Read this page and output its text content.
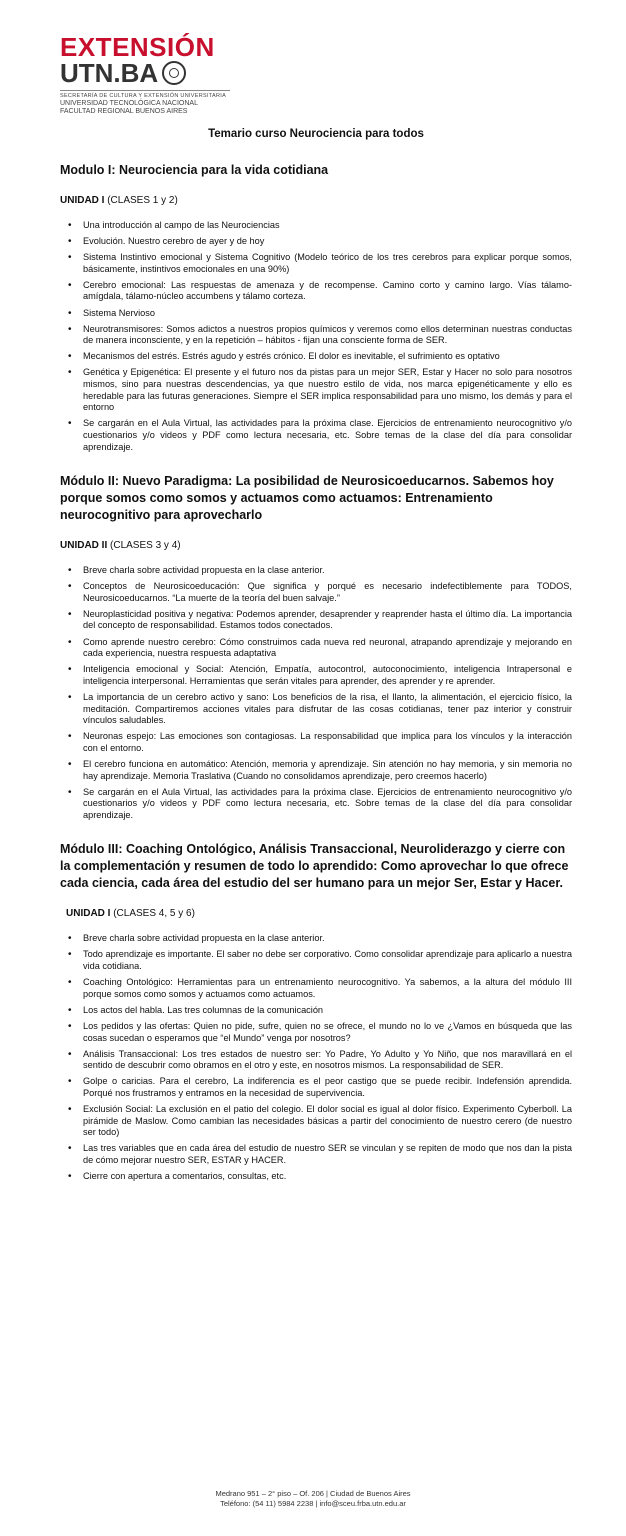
EXTENSIÓN
UTN.BA
SECRETARÍA DE CULTURA Y EXTENSIÓN UNIVERSITARIA
UNIVERSIDAD TECNOLÓGICA NACIONAL
FACULTAD REGIONAL BUENOS AIRES
Temario curso Neurociencia para todos
Modulo I: Neurociencia para la vida cotidiana
UNIDAD I (CLASES 1 y 2)
• Una introducción al campo de las Neurociencias
• Evolución. Nuestro cerebro de ayer y de hoy
• Sistema Instintivo emocional y Sistema Cognitivo (Modelo teórico de los tres cerebros para explicar porque somos, básicamente, instintivos emocionales en una 90%)
• Cerebro emocional: Las respuestas de amenaza y de recompense. Camino corto y camino largo. Vías tálamo-amígdala, tálamo-núcleo accumbens y tálamo corteza.
• Sistema Nervioso
• Neurotransmisores: Somos adictos a nuestros propios químicos y veremos como ellos determinan nuestras conductas de manera inconsciente, y en la repetición – hábitos - fijan una consciente forma de SER.
• Mecanismos del estrés. Estrés agudo y estrés crónico. El dolor es inevitable, el sufrimiento es optativo
• Genética y Epigenética: El presente y el futuro nos da pistas para un mejor SER, Estar y Hacer no solo para nosotros mismos, sino para nuestras descendencias, ya que nuestro estilo de vida, nos marca epigenéticamente y ello es heredable para las futuras generaciones. Siempre el SER implica responsabilidad para uno mismo, los demás y para el entorno
• Se cargarán en el Aula Virtual, las actividades para la próxima clase. Ejercicios de entrenamiento neurocognitivo y/o cuestionarios y/o videos y PDF como lectura necesaria, etc. Sobre temas de la clase del día para consolidar aprendizaje.
Módulo II: Nuevo Paradigma: La posibilidad de Neurosicoeducarnos. Sabemos hoy porque somos como somos y actuamos como actuamos: Entrenamiento neurocognitivo para aprovecharlo
UNIDAD II (CLASES 3 y 4)
• Breve charla sobre actividad propuesta en la clase anterior.
• Conceptos de Neurosicoeducación: Que significa y porqué es necesario indefectiblemente para TODOS, Neurosicoeducarnos. “La muerte de la teoría del buen salvaje.”
• Neuroplasticidad positiva y negativa: Podemos aprender, desaprender y reaprender hasta el último día. La importancia del concepto de responsabilidad. Estamos todos conectados.
• Como aprende nuestro cerebro: Cómo construimos cada nueva red neuronal, atrapando aprendizaje y mejorando en cada experiencia, nuestra respuesta adaptativa
• Inteligencia emocional y Social: Atención, Empatía, autocontrol, autoconocimiento, inteligencia Intrapersonal e inteligencia interpersonal. Herramientas que serán vitales para aprender, des aprender y re aprender.
• La importancia de un cerebro activo y sano: Los beneficios de la risa, el llanto, la alimentación, el ejercicio físico, la meditación. Compartiremos acciones vitales para disfrutar de las cosas cotidianas, tener paz interior y construir vínculos saludables.
• Neuronas espejo: Las emociones son contagiosas. La responsabilidad que implica para los vínculos y la interacción con el entorno.
• El cerebro funciona en automático: Atención, memoria y aprendizaje. Sin atención no hay memoria, y sin memoria no hay aprendizaje. Memoria Traslativa (Cuando no consolidamos aprendizaje, pero creemos hacerlo)
• Se cargarán en el Aula Virtual, las actividades para la próxima clase. Ejercicios de entrenamiento neurocognitivo y/o cuestionarios y/o videos y PDF como lectura necesaria, etc. Sobre temas de la clase del día para consolidar aprendizaje.
Módulo III: Coaching Ontológico, Análisis Transaccional, Neuroliderazgo y cierre con la complementación y resumen de todo lo aprendido: Como aprovechar lo que ofrece cada ciencia, cada área del estudio del ser humano para un mejor Ser, Estar y Hacer.
UNIDAD I (CLASES 4, 5 y 6)
• Breve charla sobre actividad propuesta en la clase anterior.
• Todo aprendizaje es importante. El saber no debe ser corporativo. Como consolidar aprendizaje para aplicarlo a nuestra vida cotidiana.
• Coaching Ontológico: Herramientas para un entrenamiento neurocognitivo. Ya sabemos, a la altura del módulo III porque somos como somos y actuamos como actuamos.
• Los actos del habla. Las tres columnas de la comunicación
• Los pedidos y las ofertas: Quien no pide, sufre, quien no se ofrece, el mundo no lo ve ¿Vamos en búsqueda que las cosas sucedan o esperamos que “el Mundo” venga por nosotros?
• Análisis Transaccional: Los tres estados de nuestro ser: Yo Padre, Yo Adulto y Yo Niño, que nos maravillará en el sentido de descubrir como obramos en el otro y este, en nosotros mismos. La responsabilidad de SER.
• Golpe o caricias. Para el cerebro, La indiferencia es el peor castigo que se puede recibir. Indefensión aprendida. Porqué nos frustramos y entramos en la necesidad de supervivencia.
• Exclusión Social: La exclusión en el patio del colegio. El dolor social es igual al dolor físico. Experimento Cyberboll. La pirámide de Maslow. Como cambian las necesidades básicas a partir del conocimiento de nuestro cerero (de nuestro ser todo)
• Las tres variables que en cada área del estudio de nuestro SER se vinculan y se repiten de modo que nos dan la pista de cómo mejorar nuestro SER, ESTAR y HACER.
• Cierre con apertura a comentarios, consultas, etc.
Medrano 951 – 2° piso – Of. 206 | Ciudad de Buenos Aires
Teléfono: (54 11) 5984 2238 | info@sceu.frba.utn.edu.ar
